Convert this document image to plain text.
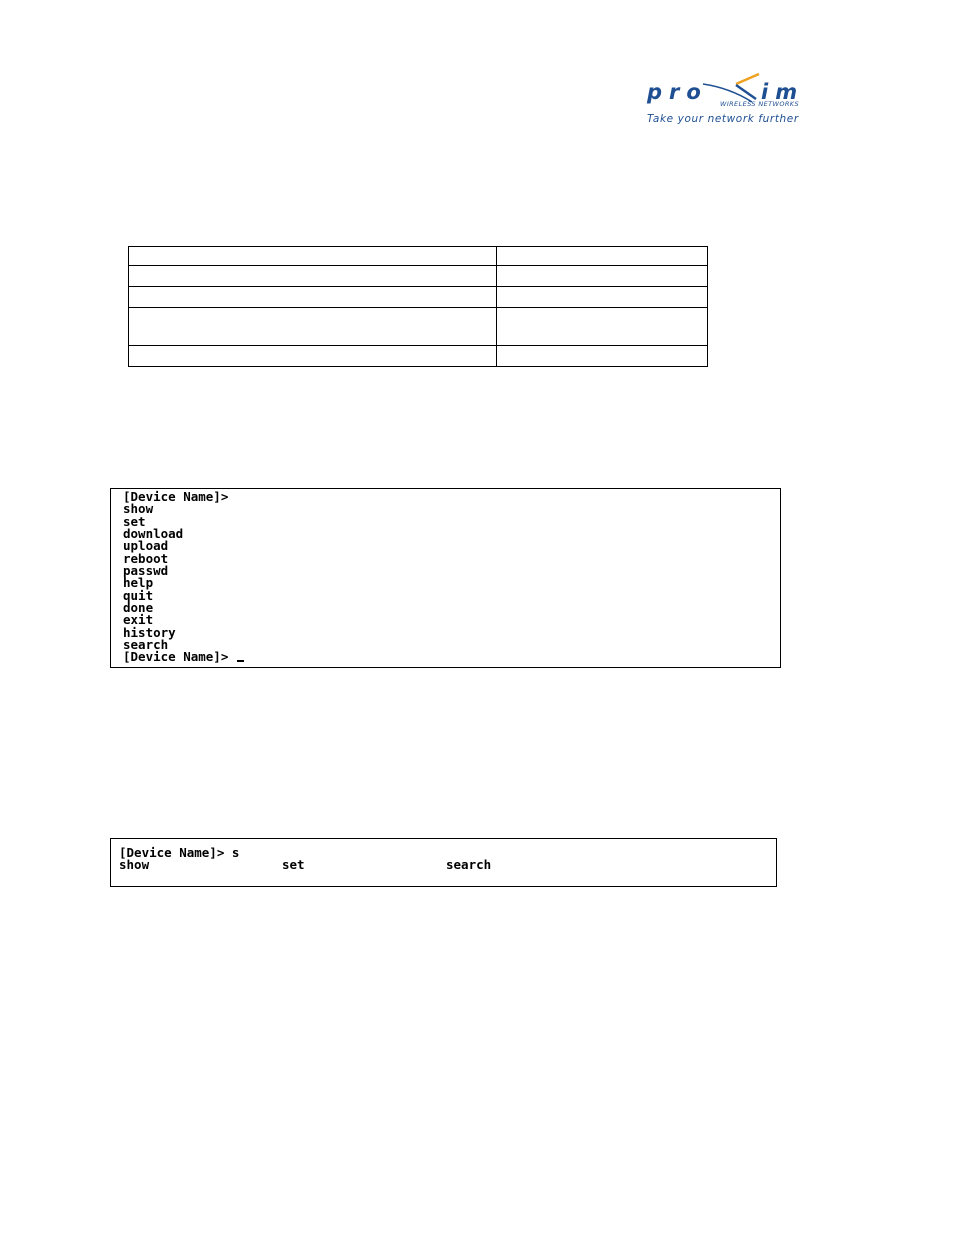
pro	im
WIRELESS NETWORKS
Take your network further

[Device Name]>
show
set
download
upload
reboot
passwd
help
quit
done
exit
history
search
[Device Name]>
[Device Name]> s

show

	set

	search
